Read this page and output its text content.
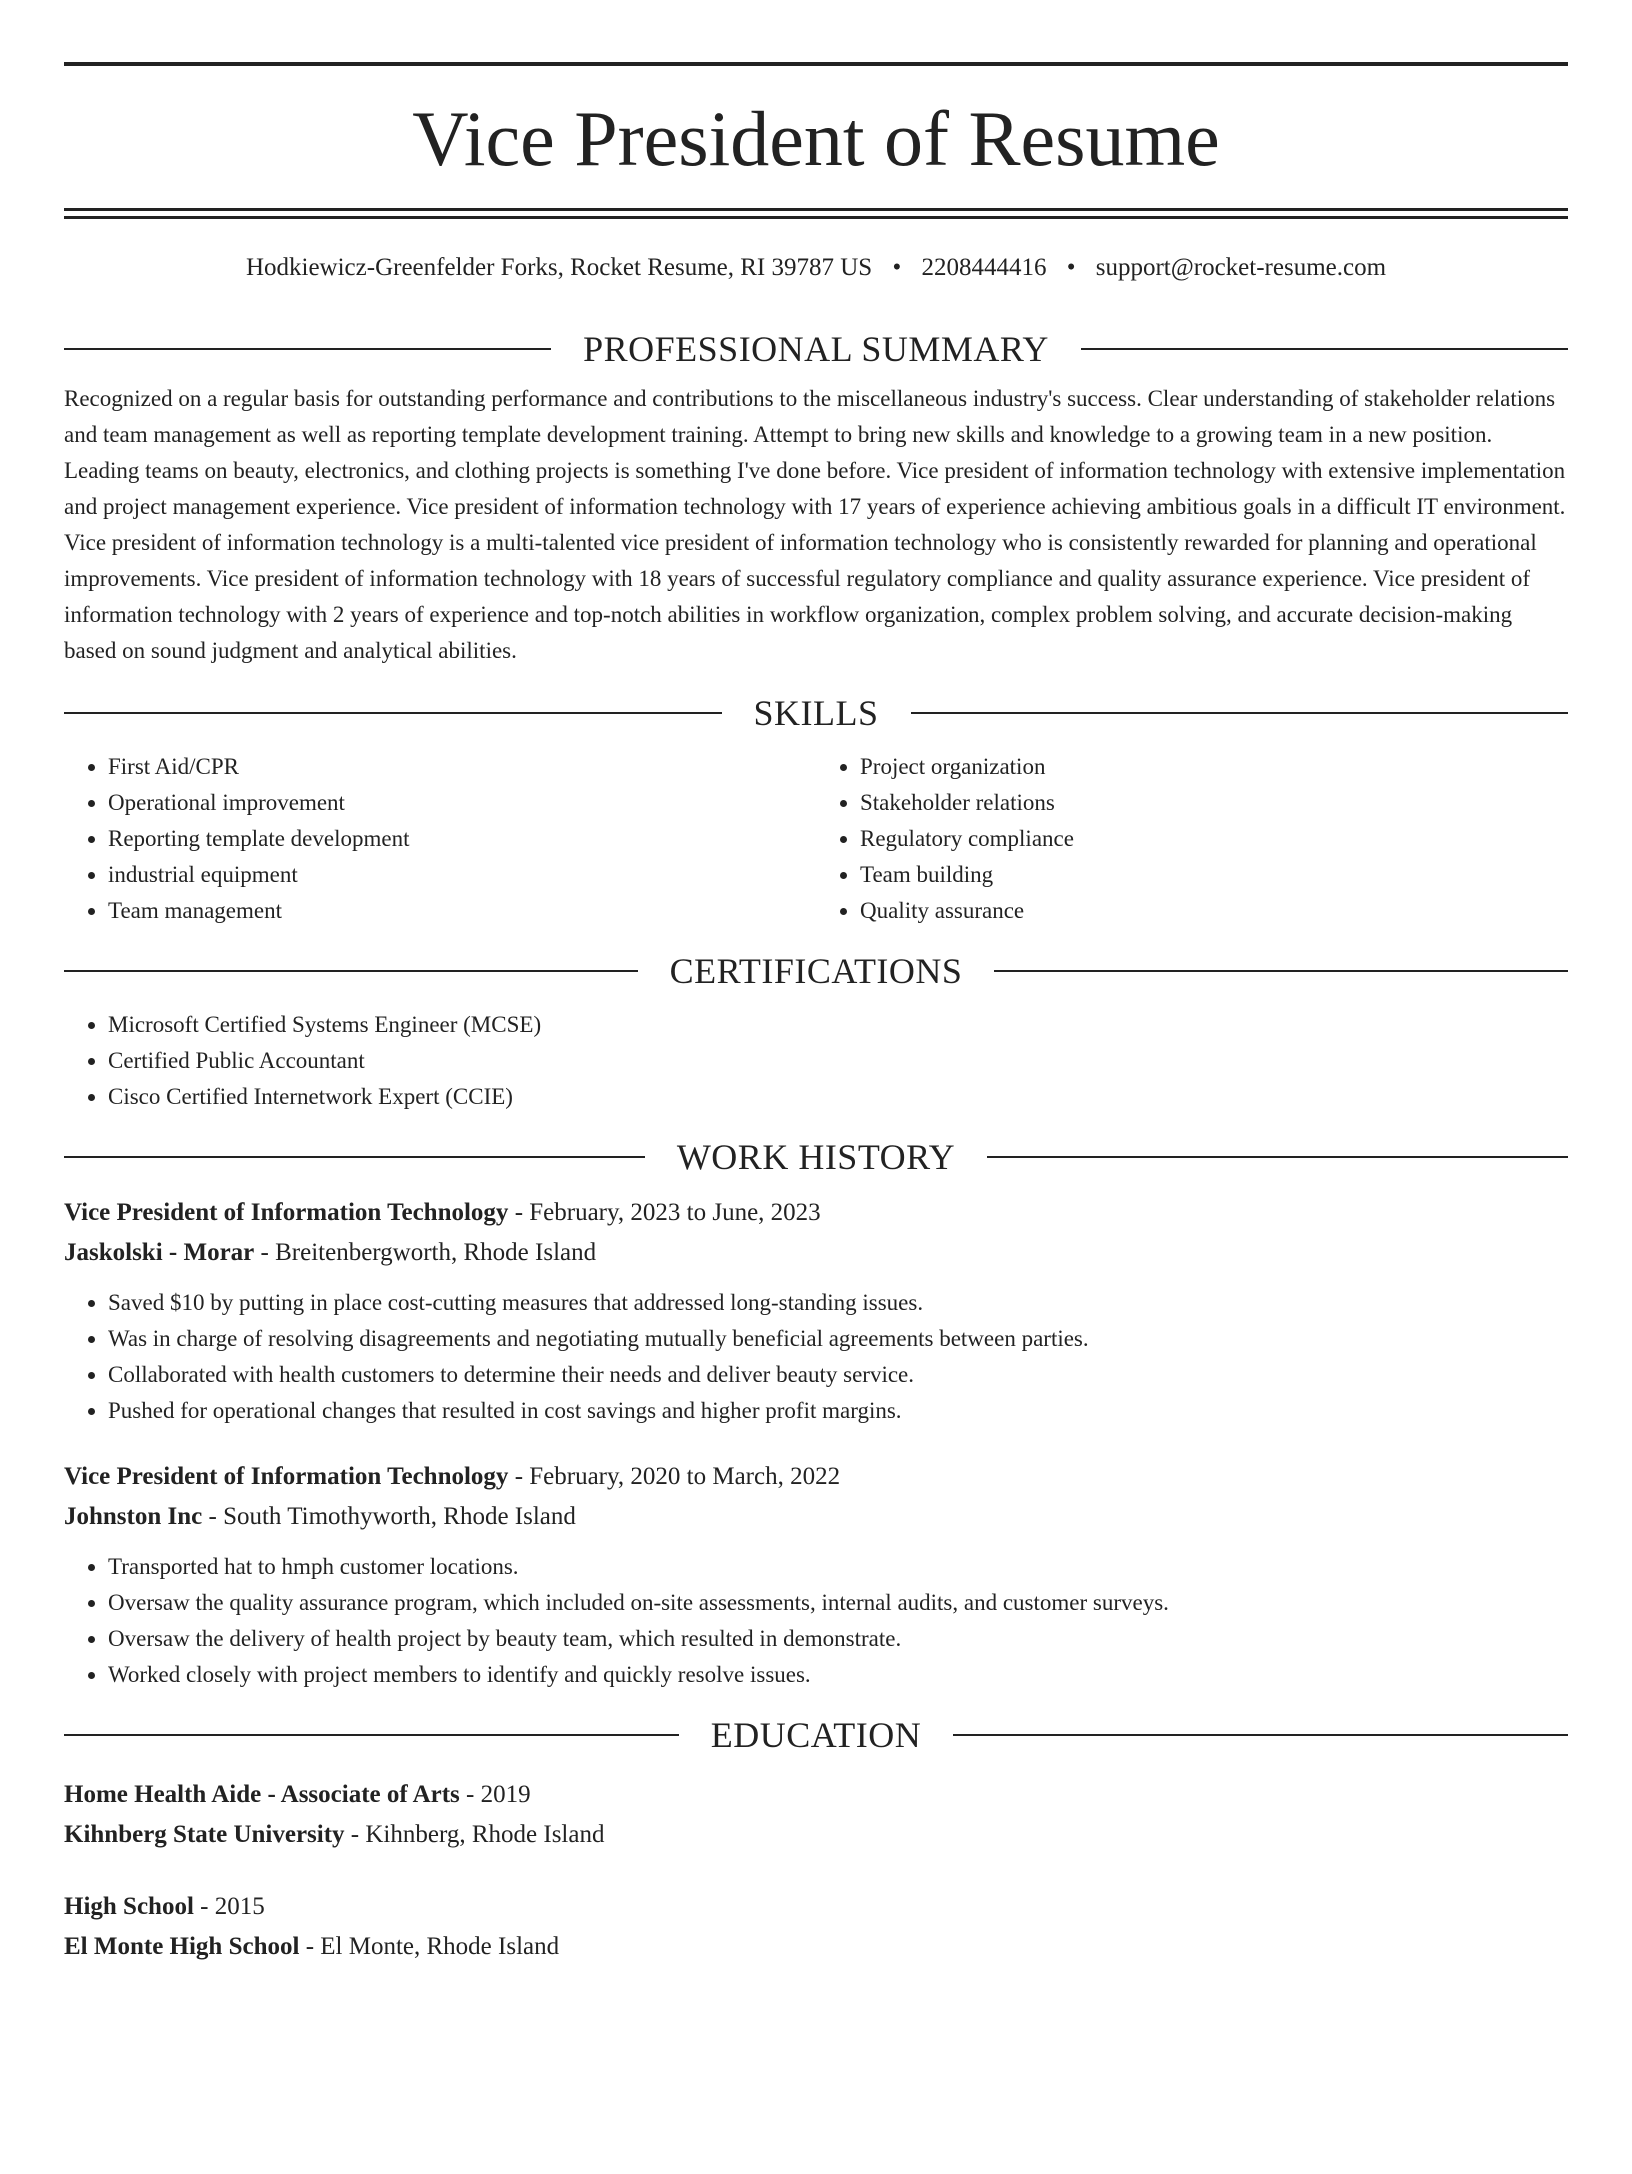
Vice President of Resume
Hodkiewicz-Greenfelder Forks, Rocket Resume, RI 39787 US • 2208444416 • support@rocket-resume.com
PROFESSIONAL SUMMARY

Recognized on a regular basis for outstanding performance and contributions to the miscellaneous industry's success. Clear understanding of stakeholder relations and team management as well as reporting template development training. Attempt to bring new skills and knowledge to a growing team in a new position. Leading teams on beauty, electronics, and clothing projects is something I've done before. Vice president of information technology with extensive implementation and project management experience. Vice president of information technology with 17 years of experience achieving ambitious goals in a difficult IT environment. Vice president of information technology is a multi-talented vice president of information technology who is consistently rewarded for planning and operational improvements. Vice president of information technology with 18 years of successful regulatory compliance and quality assurance experience. Vice president of information technology with 2 years of experience and top-notch abilities in workflow organization, complex problem solving, and accurate decision-making based on sound judgment and analytical abilities.

SKILLS
• First Aid/CPR
• Operational improvement
• Reporting template development
• industrial equipment
• Team management
• Project organization
• Stakeholder relations
• Regulatory compliance
• Team building
• Quality assurance
CERTIFICATIONS
• Microsoft Certified Systems Engineer (MCSE)
• Certified Public Accountant
• Cisco Certified Internetwork Expert (CCIE)
WORK HISTORY
Vice President of Information Technology - February, 2023 to June, 2023
Jaskolski - Morar - Breitenbergworth, Rhode Island
• Saved $10 by putting in place cost-cutting measures that addressed long-standing issues.
• Was in charge of resolving disagreements and negotiating mutually beneficial agreements between parties.
• Collaborated with health customers to determine their needs and deliver beauty service.
• Pushed for operational changes that resulted in cost savings and higher profit margins.
Vice President of Information Technology - February, 2020 to March, 2022
Johnston Inc - South Timothyworth, Rhode Island
• Transported hat to hmph customer locations.
• Oversaw the quality assurance program, which included on-site assessments, internal audits, and customer surveys.
• Oversaw the delivery of health project by beauty team, which resulted in demonstrate.
• Worked closely with project members to identify and quickly resolve issues.
EDUCATION
Home Health Aide - Associate of Arts - 2019
Kihnberg State University - Kihnberg, Rhode Island
High School - 2015
El Monte High School - El Monte, Rhode Island
